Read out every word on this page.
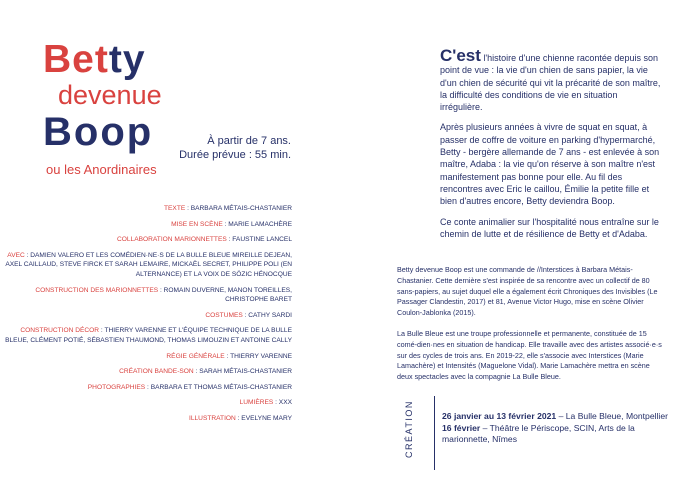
Betty
devenue
Boop
ou les Anordinaires
À partir de 7 ans.
Durée prévue : 55 min.
TEXTE : BARBARA MÉTAIS-CHASTANIER
MISE EN SCÈNE : MARIE LAMACHÈRE
COLLABORATION MARIONNETTES : FAUSTINE LANCEL
AVEC : DAMIEN VALERO ET LES COMÉDIEN·NE·S DE LA BULLE BLEUE MIREILLE DEJEAN, AXEL CAILLAUD, STEVE FIRCK ET SARAH LEMAIRE, MICKAËL SECRET, PHILIPPE POLI (EN ALTERNANCE) ET LA VOIX DE SÖZIC HÉNOCQUE
CONSTRUCTION DES MARIONNETTES : ROMAIN DUVERNE, MANON TOREILLES, CHRISTOPHE BARET
COSTUMES : CATHY SARDI
CONSTRUCTION DÉCOR : THIERRY VARENNE ET L'ÉQUIPE TECHNIQUE DE LA BULLE BLEUE, CLÉMENT POTIÉ, SÉBASTIEN THAUMOND, THOMAS LIMOUZIN ET ANTOINE CALLY
RÉGIE GÉNÉRALE : THIERRY VARENNE
CRÉATION BANDE-SON : SARAH MÉTAIS-CHASTANIER
PHOTOGRAPHIES : BARBARA ET THOMAS MÉTAIS-CHASTANIER
LUMIÈRES : XXX
ILLUSTRATION : EVELYNE MARY

C'est l'histoire d'une chienne racontée depuis son point de vue : la vie d'un chien de sans papier, la vie d'un chien de sécurité qui vit la précarité de son maître, la difficulté des conditions de vie en situation irrégulière.

Après plusieurs années à vivre de squat en squat, à passer de coffre de voiture en parking d'hypermarché, Betty - bergère allemande de 7 ans - est enlevée à son maître, Adaba : la vie qu'on réserve à son maître n'est manifestement pas bonne pour elle. Au fil des rencontres avec Eric le caillou, Émilie la petite fille et bien d'autres encore, Betty deviendra Boop.

Ce conte animalier sur l'hospitalité nous entraîne sur le chemin de lutte et de résilience de Betty et d'Adaba.

Betty devenue Boop est une commande de //Interstices à Barbara Métais-Chastanier. Cette dernière s'est inspirée de sa rencontre avec un collectif de 80 sans-papiers, au sujet duquel elle a également écrit Chroniques des Invisibles (Le Passager Clandestin, 2017) et 81, Avenue Victor Hugo, mise en scène Olivier Coulon-Jablonka (2015).

La Bulle Bleue est une troupe professionnelle et permanente, constituée de 15 comé-dien·nes en situation de handicap. Elle travaille avec des artistes associé·e·s sur des cycles de trois ans. En 2019-22, elle s'associe avec Interstices (Marie Lamachère) et Intensités (Maguelone Vidal). Marie Lamachère mettra en scène deux spectacles avec la compagnie La Bulle Bleue.

CRÉATION	26 janvier au 13 février 2021 – La Bulle Bleue, Montpellier
16 février – Théâtre le Périscope, SCIN, Arts de la marionnette, Nîmes
